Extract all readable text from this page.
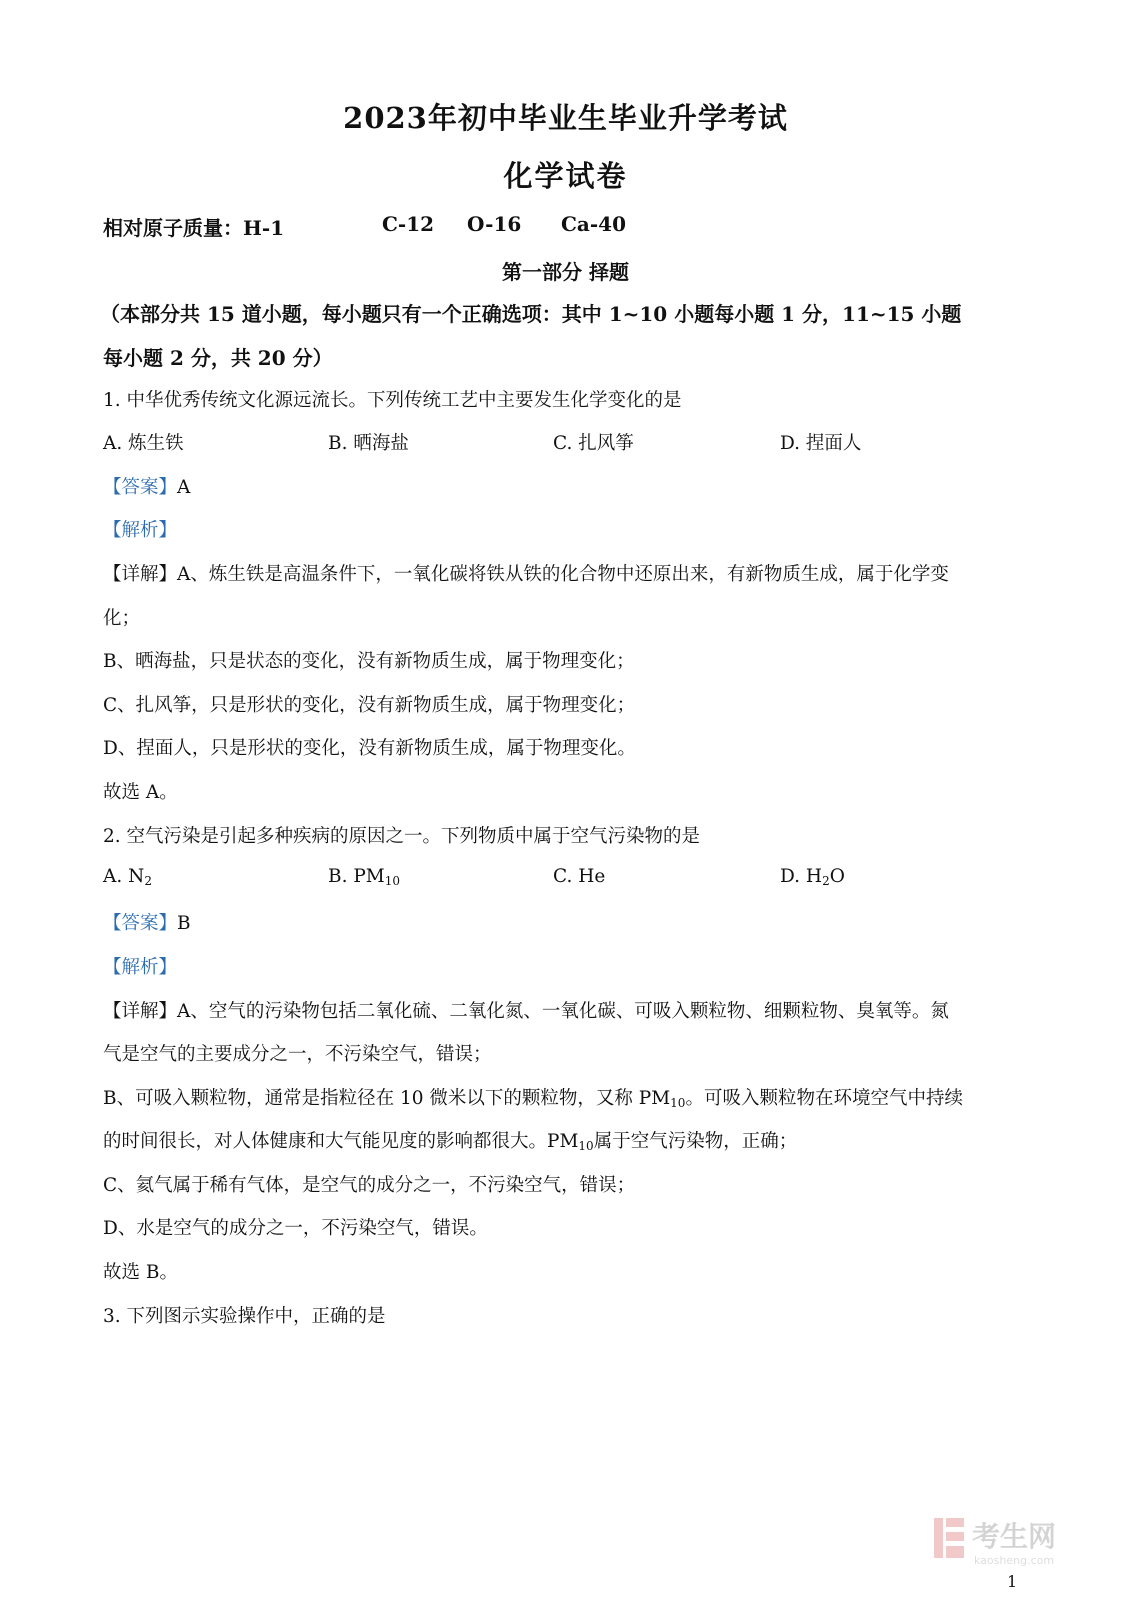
2023年初中毕业生毕业升学考试
化学试卷
相对原子质量：H-1	C-12 O-16 Ca-40
第一部分 择题
（本部分共 15 道小题，每小题只有一个正确选项：其中 1~10 小题每小题 1 分，11~15 小题
每小题 2 分，共 20 分）
1. 中华优秀传统文化源远流长。下列传统工艺中主要发生化学变化的是
A. 炼生铁	B. 晒海盐	C. 扎风筝	D. 捏面人
【答案】A
【解析】
【详解】A、炼生铁是高温条件下，一氧化碳将铁从铁的化合物中还原出来，有新物质生成，属于化学变
化；
B、晒海盐，只是状态的变化，没有新物质生成，属于物理变化；
C、扎风筝，只是形状的变化，没有新物质生成，属于物理变化；
D、捏面人，只是形状的变化，没有新物质生成，属于物理变化。
故选 A。
2. 空气污染是引起多种疾病的原因之一。下列物质中属于空气污染物的是
A. $N_2$	B. $PM_{10}$	C. He	D. $H_2O$
【答案】B
【解析】
【详解】A、空气的污染物包括二氧化硫、二氧化氮、一氧化碳、可吸入颗粒物、细颗粒物、臭氧等。氮
气是空气的主要成分之一，不污染空气，错误；
B、可吸入颗粒物，通常是指粒径在 10 微米以下的颗粒物，又称 $PM_{10}$。可吸入颗粒物在环境空气中持续
的时间很长，对人体健康和大气能见度的影响都很大。$PM_{10}$属于空气污染物，正确；
C、氦气属于稀有气体，是空气的成分之一，不污染空气，错误；
D、水是空气的成分之一，不污染空气，错误。
故选 B。
3. 下列图示实验操作中，正确的是
考生网
kaosheng.com
1
